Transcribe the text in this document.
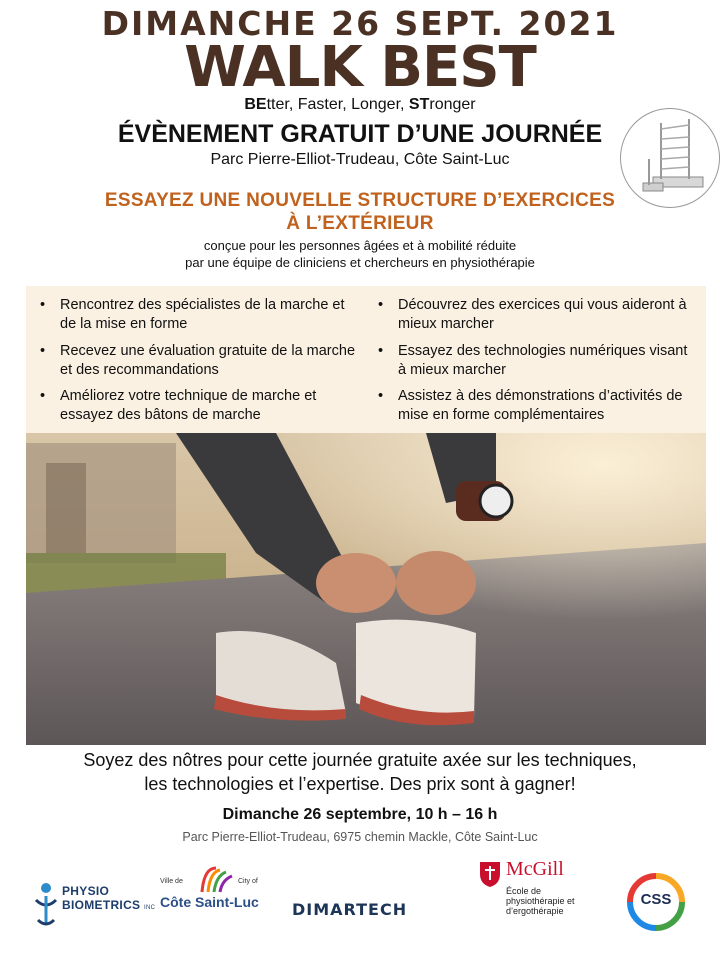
DIMANCHE 26 SEPT. 2021
WALK BEST
BEtter, Faster, Longer, STronger
ÉVÈNEMENT GRATUIT D’UNE JOURNÉE
Parc Pierre-Elliot-Trudeau, Côte Saint-Luc
ESSAYEZ UNE NOUVELLE STRUCTURE D’EXERCICES
À L’EXTÉRIEUR
conçue pour les personnes âgées et à mobilité réduite
par une équipe de cliniciens et chercheurs en physiothérapie
• Rencontrez des spécialistes de la marche et de la mise en forme
• Recevez une évaluation gratuite de la marche et des recommandations
• Améliorez votre technique de marche et essayez des bâtons de marche
• Découvrez des exercices qui vous aideront à mieux marcher
• Essayez des technologies numériques visant à mieux marcher
• Assistez à des démonstrations d’activités de mise en forme complémentaires
Soyez des nôtres pour cette journée gratuite axée sur les techniques,
les technologies et l’expertise. Des prix sont à gagner!
Dimanche 26 septembre, 10 h – 16 h
Parc Pierre-Elliot-Trudeau, 6975 chemin Mackle, Côte Saint-Luc
PHYSIO
BIOMETRICS INC
Ville de	City of
Côte Saint-Luc DIMARTECH
McGill
École de
physiothérapie et
d’ergothérapie
CSS
